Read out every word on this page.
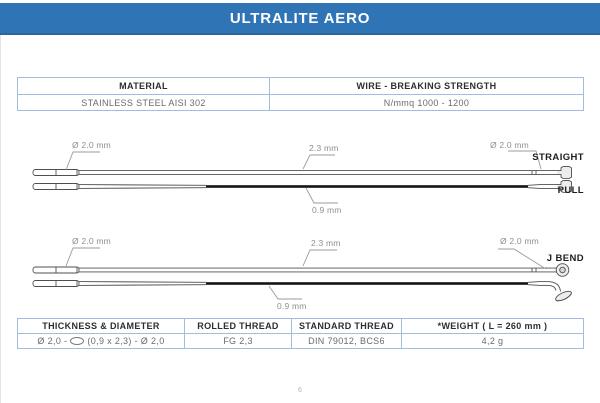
ULTRALITE AERO
MATERIAL	WIRE - BREAKING STRENGTH
STAINLESS STEEL AISI 302	N/mmq 1000 - 1200
Ø 2.0 mm	2.3 mm	Ø 2.0 mm
0.9 mm

STRAIGHT

PULL

Ø 2.0 mm	2.3 mm	Ø 2.0 mm
0.9 mm

J BEND

THICKNESS & DIAMETER	ROLLED THREAD	STANDARD THREAD	*WEIGHT ( L = 260 mm )
Ø 2,0 - (0,9 x 2,3) - Ø 2,0	FG 2,3	DIN 79012, BCS6	4,2 g
6
